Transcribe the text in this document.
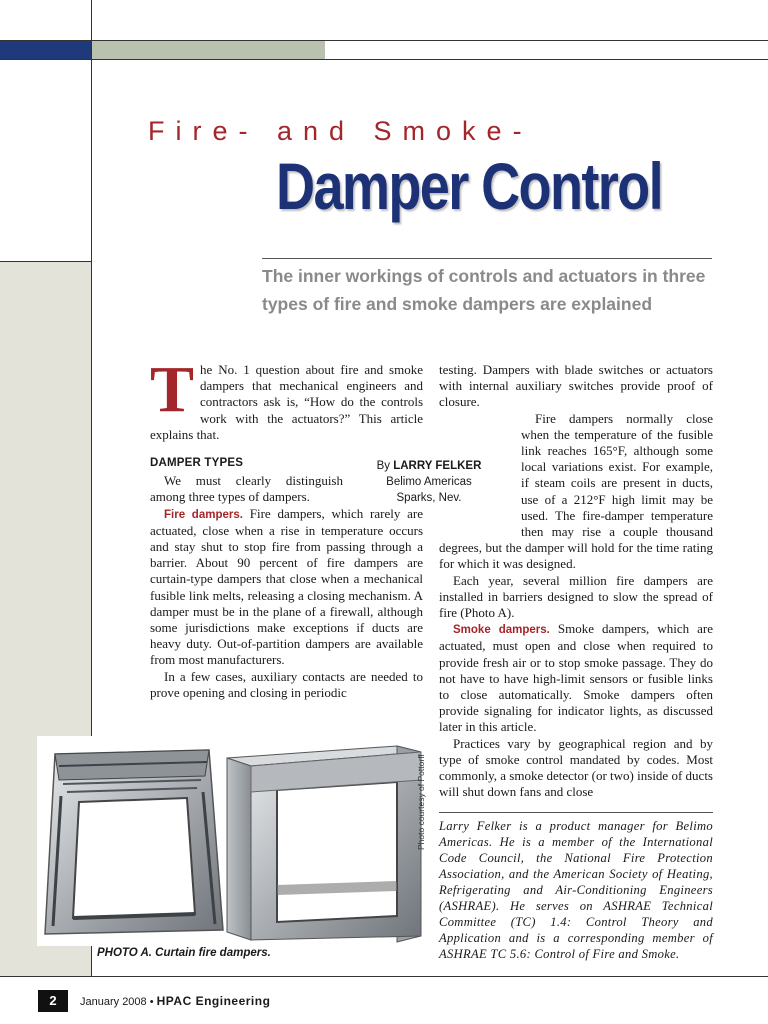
Fire- and Smoke-
Damper Control
The inner workings of controls and actuators in three types of fire and smoke dampers are explained

The No. 1 question about fire and smoke dampers that mechanical engineers and contractors ask is, “How do the controls work with the actuators?” This article explains that.

DAMPER TYPES

We must clearly distinguish among three types of dampers.

Fire dampers. Fire dampers, which rarely are actuated, close when a rise in temperature occurs and stay shut to stop fire from passing through a barrier. About 90 percent of fire dampers are curtain-type dampers that close when a mechanical fusible link melts, releasing a closing mechanism. A damper must be in the plane of a firewall, although some jurisdictions make exceptions if ducts are heavy duty. Out-of-partition dampers are available from most manufacturers.

In a few cases, auxiliary contacts are needed to prove opening and closing in periodic

By LARRY FELKER
Belimo Americas
Sparks, Nev.

testing. Dampers with blade switches or actuators with internal auxiliary switches provide proof of closure.

Fire dampers normally close when the temperature of the fusible link reaches 165°F, although some local variations exist. For example, if steam coils are present in ducts, use of a 212°F high limit may be used. The fire-damper temperature then may rise a couple thousand degrees, but the damper will hold for the time rating for which it was designed.

Each year, several million fire dampers are installed in barriers designed to slow the spread of fire (Photo A).

Smoke dampers. Smoke dampers, which are actuated, must open and close when required to provide fresh air or to stop smoke passage. They do not have to have high-limit sensors or fusible links to close automatically. Smoke dampers often provide signaling for indicator lights, as discussed later in this article.

Practices vary by geographical region and by type of smoke control mandated by codes. Most commonly, a smoke detector (or two) inside of ducts will shut down fans and close

Photo courtesy of Pottorff
PHOTO A. Curtain fire dampers.
Larry Felker is a product manager for Belimo Americas. He is a member of the International Code Council, the National Fire Protection Association, and the American Society of Heating, Refrigerating and Air-Conditioning Engineers (ASHRAE). He serves on ASHRAE Technical Committee (TC) 1.4: Control Theory and Application and is a corresponding member of ASHRAE TC 5.6: Control of Fire and Smoke.
2	January 2008 • HPAC Engineering
